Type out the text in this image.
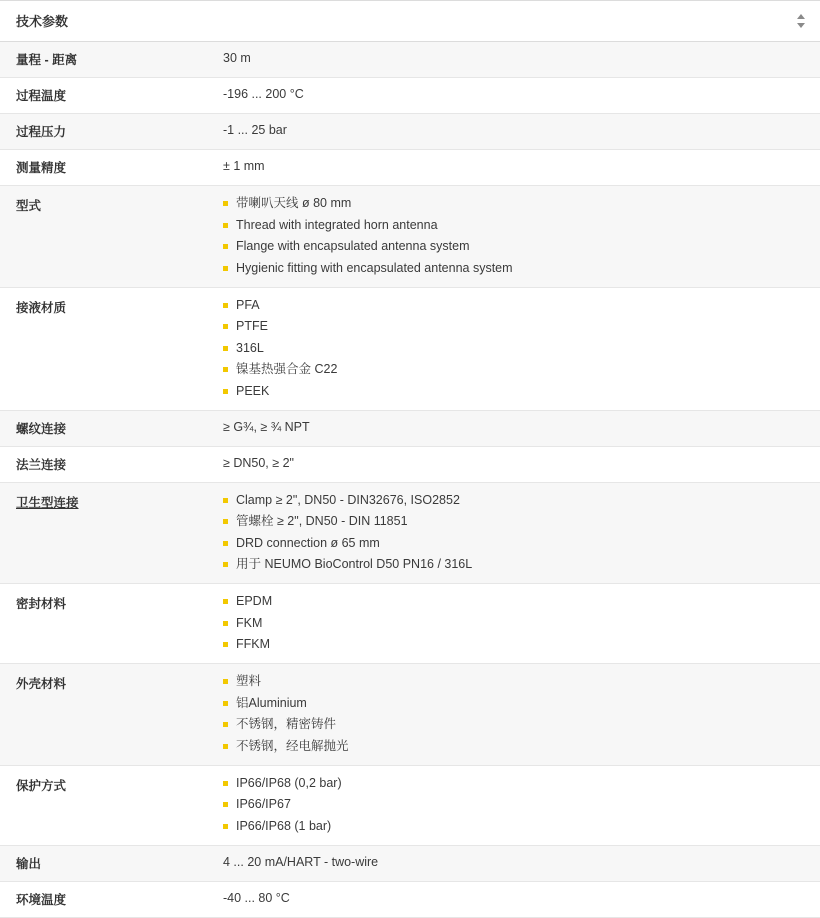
技术参数	

量程 - 距离	30 m

过程温度	-196 ... 200 °C

过程压力	-1 ... 25 bar

测量精度	± 1 mm

型式	带喇叭天线 ø 80 mm
Thread with integrated horn antenna
Flange with encapsulated antenna system
Hygienic fitting with encapsulated antenna system

接液材质	PFA
PTFE
316L
镍基热强合金 C22
PEEK

螺纹连接	≥ G¾, ≥ ¾ NPT

法兰连接	≥ DN50, ≥ 2"

卫生型连接	Clamp ≥ 2", DN50 - DIN32676, ISO2852
管螺栓 ≥ 2", DN50 - DIN 11851
DRD connection ø 65 mm
用于 NEUMO BioControl D50 PN16 / 316L

密封材料	EPDM
FKM
FFKM

外壳材料	塑料
铝Aluminium
不锈钢，精密铸件
不锈钢，经电解抛光

保护方式	IP66/IP68 (0,2 bar)
IP66/IP67
IP66/IP68 (1 bar)

输出	4 ... 20 mA/HART - two-wire

环境温度	-40 ... 80 °C
